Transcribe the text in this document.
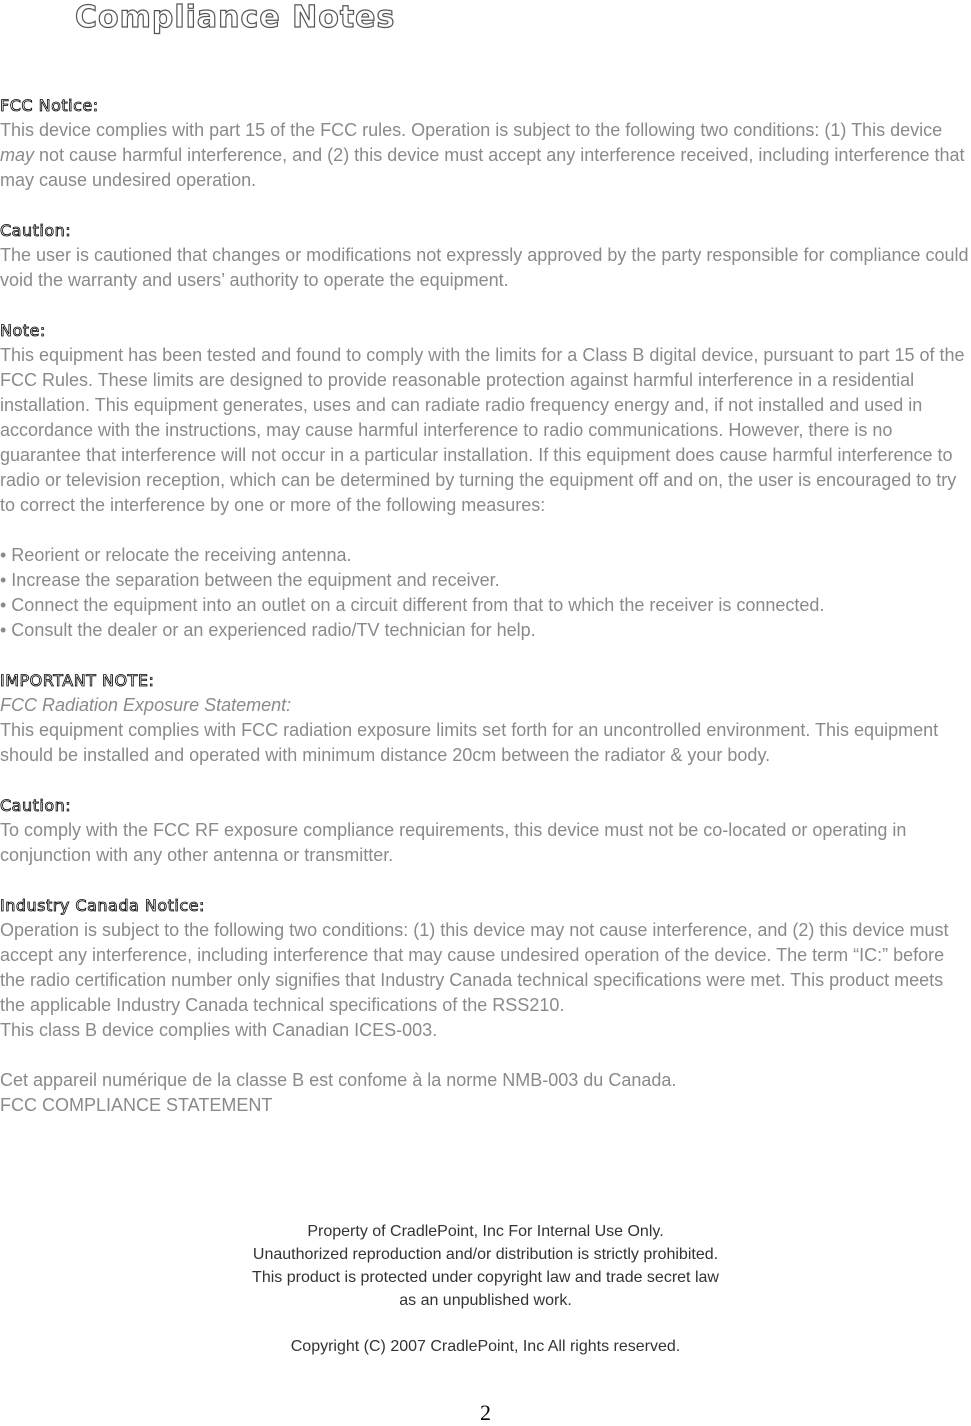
Compliance Notes
FCC Notice:

This device complies with part 15 of the FCC rules. Operation is subject to the following two conditions: (1) This device may not cause harmful interference, and (2) this device must accept any interference received, including interference that may cause undesired operation.

Caution:

The user is cautioned that changes or modifications not expressly approved by the party responsible for compliance could void the warranty and users’ authority to operate the equipment.

Note:

This equipment has been tested and found to comply with the limits for a Class B digital device, pursuant to part 15 of the FCC Rules. These limits are designed to provide reasonable protection against harmful interference in a residential installation. This equipment generates, uses and can radiate radio frequency energy and, if not installed and used in accordance with the instructions, may cause harmful interference to radio communications. However, there is no guarantee that interference will not occur in a particular installation. If this equipment does cause harmful interference to radio or television reception, which can be determined by turning the equipment off and on, the user is encouraged to try to correct the interference by one or more of the following measures:

• Reorient or relocate the receiving antenna.
• Increase the separation between the equipment and receiver.
• Connect the equipment into an outlet on a circuit different from that to which the receiver is connected.
• Consult the dealer or an experienced radio/TV technician for help.
IMPORTANT NOTE:

FCC Radiation Exposure Statement:

This equipment complies with FCC radiation exposure limits set forth for an uncontrolled environment. This equipment should be installed and operated with minimum distance 20cm between the radiator & your body.

Caution:

To comply with the FCC RF exposure compliance requirements, this device must not be co-located or operating in conjunction with any other antenna or transmitter.

Industry Canada Notice:

Operation is subject to the following two conditions: (1) this device may not cause interference, and (2) this device must accept any interference, including interference that may cause undesired operation of the device. The term “IC:” before the radio certification number only signifies that Industry Canada technical specifications were met. This product meets the applicable Industry Canada technical specifications of the RSS210.

This class B device complies with Canadian ICES-003.

Cet appareil numérique de la classe B est confome à la norme NMB-003 du Canada.

FCC COMPLIANCE STATEMENT

Property of CradlePoint, Inc For Internal Use Only.
Unauthorized reproduction and/or distribution is strictly prohibited.
This product is protected under copyright law and trade secret law
as an unpublished work.
Copyright (C) 2007 CradlePoint, Inc All rights reserved.
2
